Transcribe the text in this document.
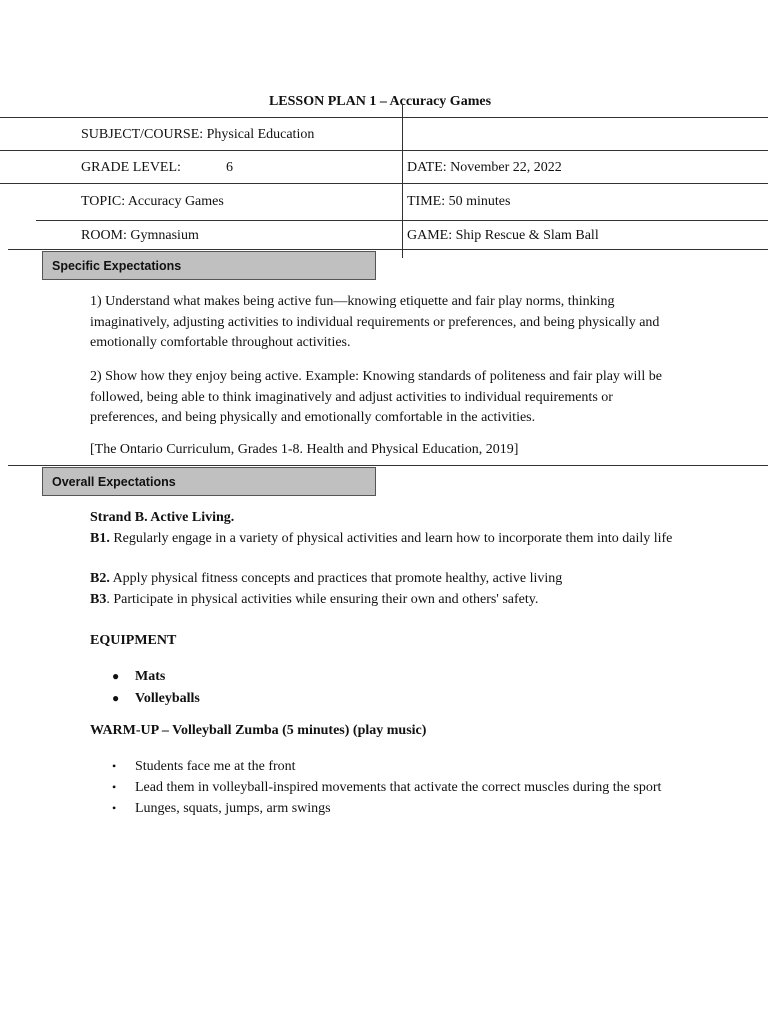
LESSON PLAN 1 – Accuracy Games
SUBJECT/COURSE: Physical Education
GRADE LEVEL:	6	DATE: November 22, 2022
TOPIC: Accuracy Games	TIME: 50 minutes
ROOM: Gymnasium	GAME: Ship Rescue & Slam Ball
Specific Expectations
1) Understand what makes being active fun—knowing etiquette and fair play norms, thinking imaginatively, adjusting activities to individual requirements or preferences, and being physically and emotionally comfortable throughout activities.
2) Show how they enjoy being active. Example: Knowing standards of politeness and fair play will be followed, being able to think imaginatively and adjust activities to individual requirements or preferences, and being physically and emotionally comfortable in the activities.
[The Ontario Curriculum, Grades 1-8. Health and Physical Education, 2019]
Overall Expectations
Strand B. Active Living.
B1. Regularly engage in a variety of physical activities and learn how to incorporate them into daily life
B2. Apply physical fitness concepts and practices that promote healthy, active living
B3. Participate in physical activities while ensuring their own and others' safety.
EQUIPMENT
● Mats
● Volleyballs
WARM-UP – Volleyball Zumba (5 minutes) (play music)
• Students face me at the front
• Lead them in volleyball-inspired movements that activate the correct muscles during the sport
• Lunges, squats, jumps, arm swings
